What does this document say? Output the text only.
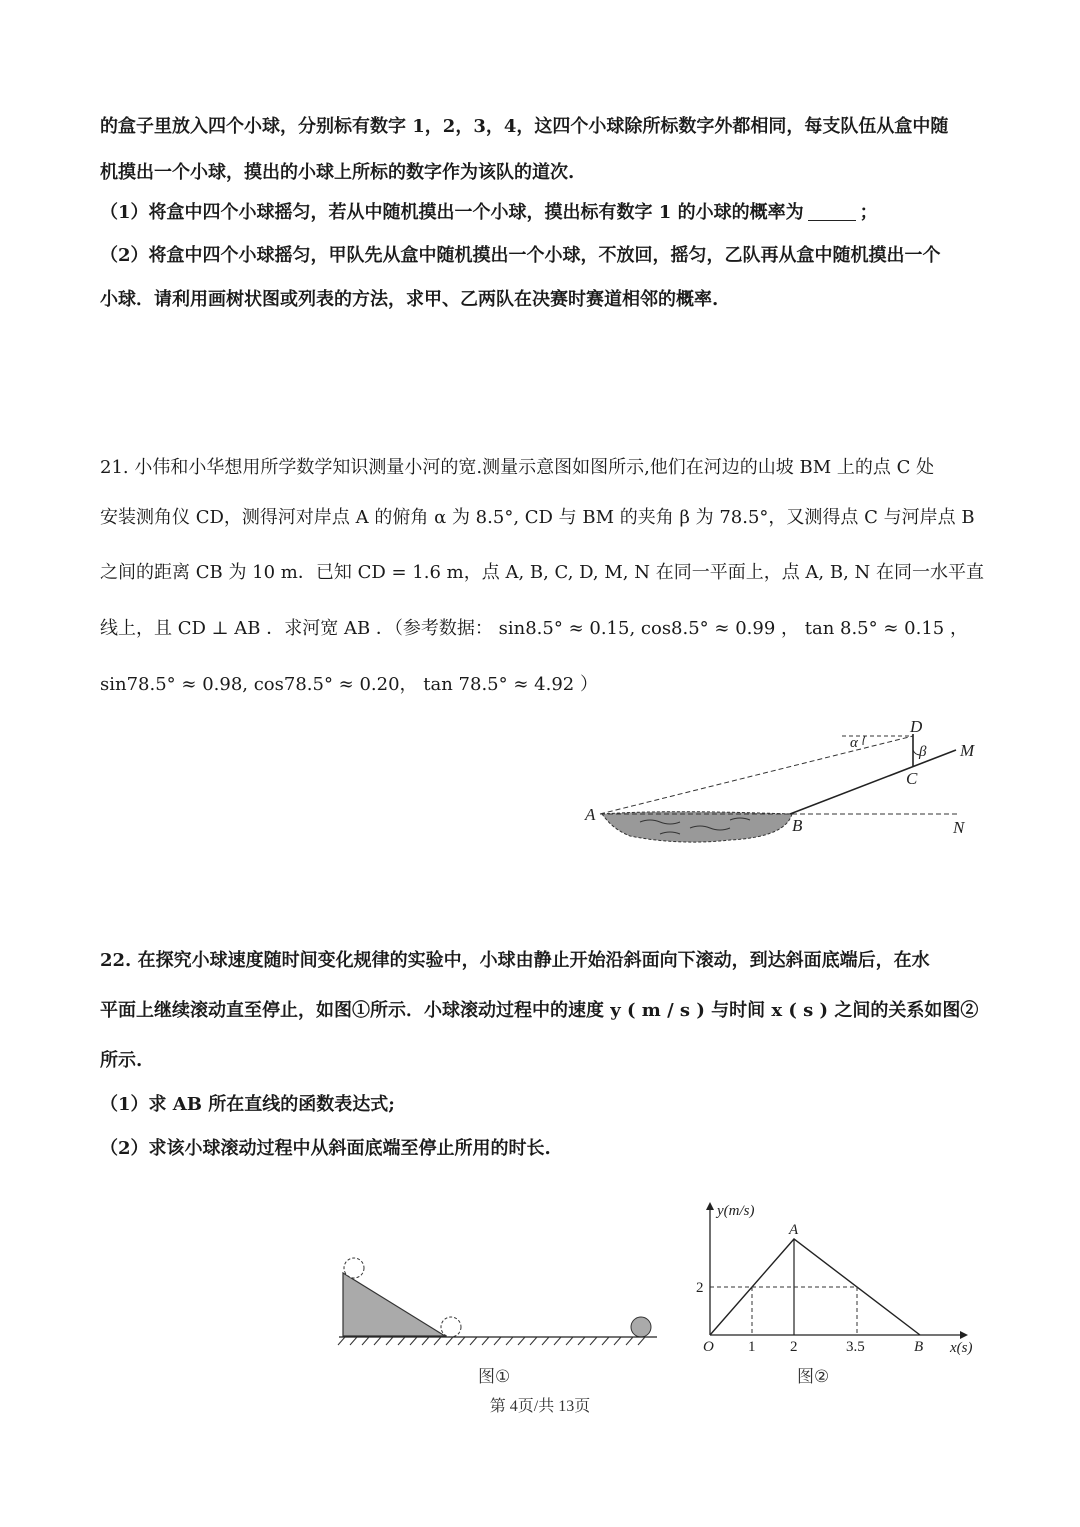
的盒子里放入四个小球，分别标有数字 1，2，3，4，这四个小球除所标数字外都相同，每支队伍从盒中随
机摸出一个小球，摸出的小球上所标的数字作为该队的道次.
（1）将盒中四个小球摇匀，若从中随机摸出一个小球，摸出标有数字 1 的小球的概率为	；
（2）将盒中四个小球摇匀，甲队先从盒中随机摸出一个小球，不放回，摇匀，乙队再从盒中随机摸出一个
小球．请利用画树状图或列表的方法，求甲、乙两队在决赛时赛道相邻的概率.
21. 小伟和小华想用所学数学知识测量小河的宽.测量示意图如图所示,他们在河边的山坡 BM 上的点 C 处
安装测角仪 CD，测得河对岸点 A 的俯角 α 为 8.5°, CD 与 BM 的夹角 β 为 78.5°，又测得点 C 与河岸点 B
之间的距离 CB 为 10 m．已知 CD = 1.6 m，点 A, B, C, D, M, N 在同一平面上，点 A, B, N 在同一水平直
线上，且 CD ⊥ AB ．求河宽 AB ．（参考数据： sin8.5° ≈ 0.15, cos8.5° ≈ 0.99 ， tan 8.5° ≈ 0.15 ，
sin78.5° ≈ 0.98, cos78.5° ≈ 0.20， tan 78.5° ≈ 4.92 ）
A
B
C
D
M
N
α
β
22. 在探究小球速度随时间变化规律的实验中，小球由静止开始沿斜面向下滚动，到达斜面底端后，在水
平面上继续滚动直至停止，如图①所示．小球滚动过程中的速度 y ( m / s ) 与时间 x ( s ) 之间的关系如图②
所示.
（1）求 AB 所在直线的函数表达式;
（2）求该小球滚动过程中从斜面底端至停止所用的时长.
图①
1 2	3.5
2
A
B
y(m/s)
x(s)
O
图②
第 4页/共 13页
